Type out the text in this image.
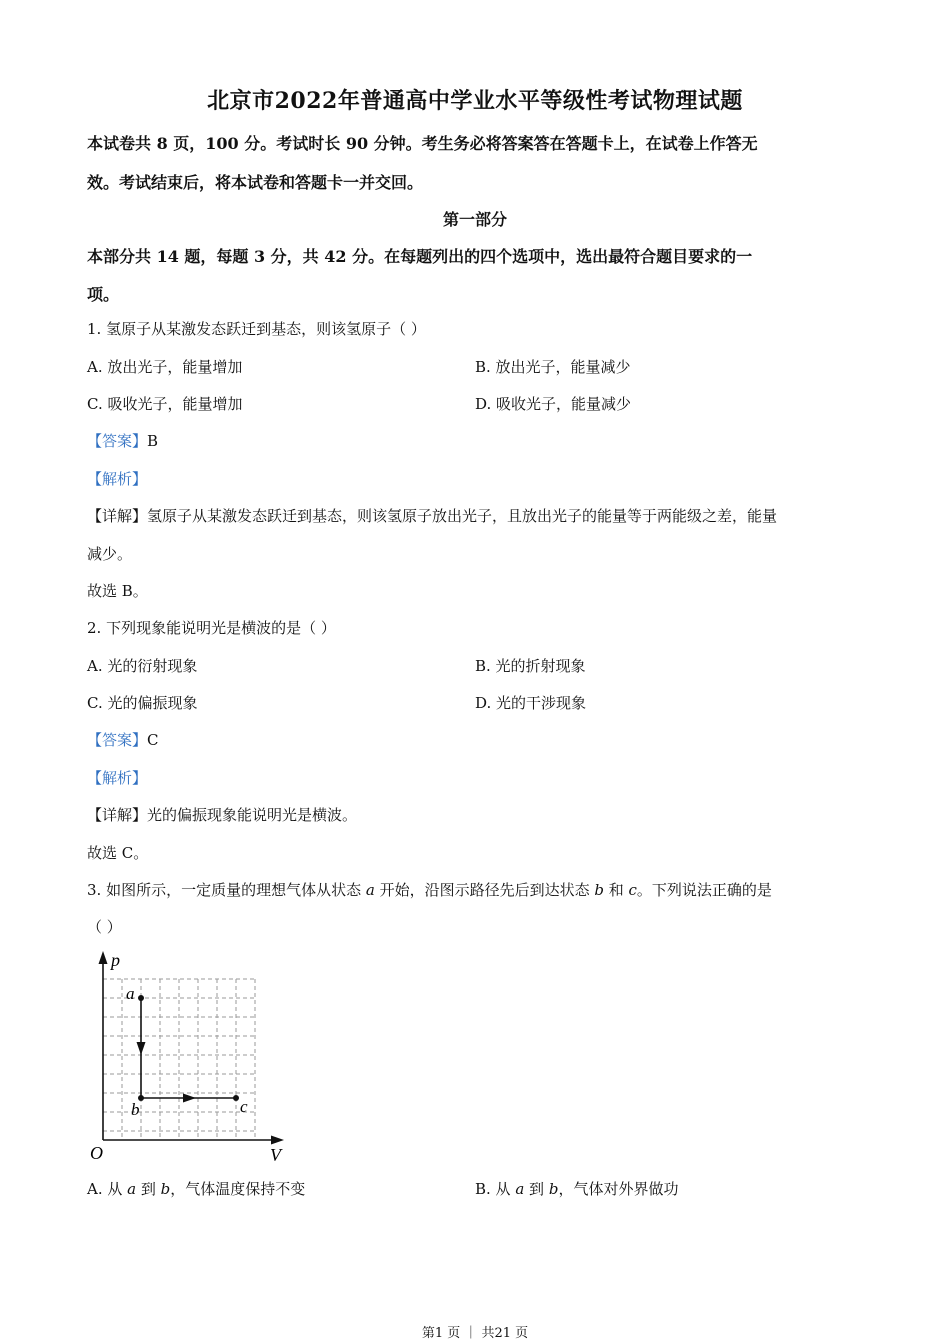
北京市2022年普通高中学业水平等级性考试物理试题
本试卷共 8 页，100 分。考试时长 90 分钟。考生务必将答案答在答题卡上，在试卷上作答无
效。考试结束后，将本试卷和答题卡一并交回。
第一部分
本部分共 14 题，每题 3 分，共 42 分。在每题列出的四个选项中，选出最符合题目要求的一
项。
1. 氢原子从某激发态跃迁到基态，则该氢原子（ ）
A. 放出光子，能量增加	B. 放出光子，能量减少
C. 吸收光子，能量增加	D. 吸收光子，能量减少
【答案】B
【解析】
【详解】氢原子从某激发态跃迁到基态，则该氢原子放出光子，且放出光子的能量等于两能级之差，能量
减少。
故选 B。
2. 下列现象能说明光是横波的是（ ）
A. 光的衍射现象	B. 光的折射现象
C. 光的偏振现象	D. 光的干涉现象
【答案】C
【解析】
【详解】光的偏振现象能说明光是横波。
故选 C。
3. 如图所示，一定质量的理想气体从状态 a 开始，沿图示路径先后到达状态 b 和 c。下列说法正确的是
（ ）
p
V
O
a
b	c
A. 从 a 到 b，气体温度保持不变	B. 从 a 到 b，气体对外界做功
第1 页 ｜ 共21 页
